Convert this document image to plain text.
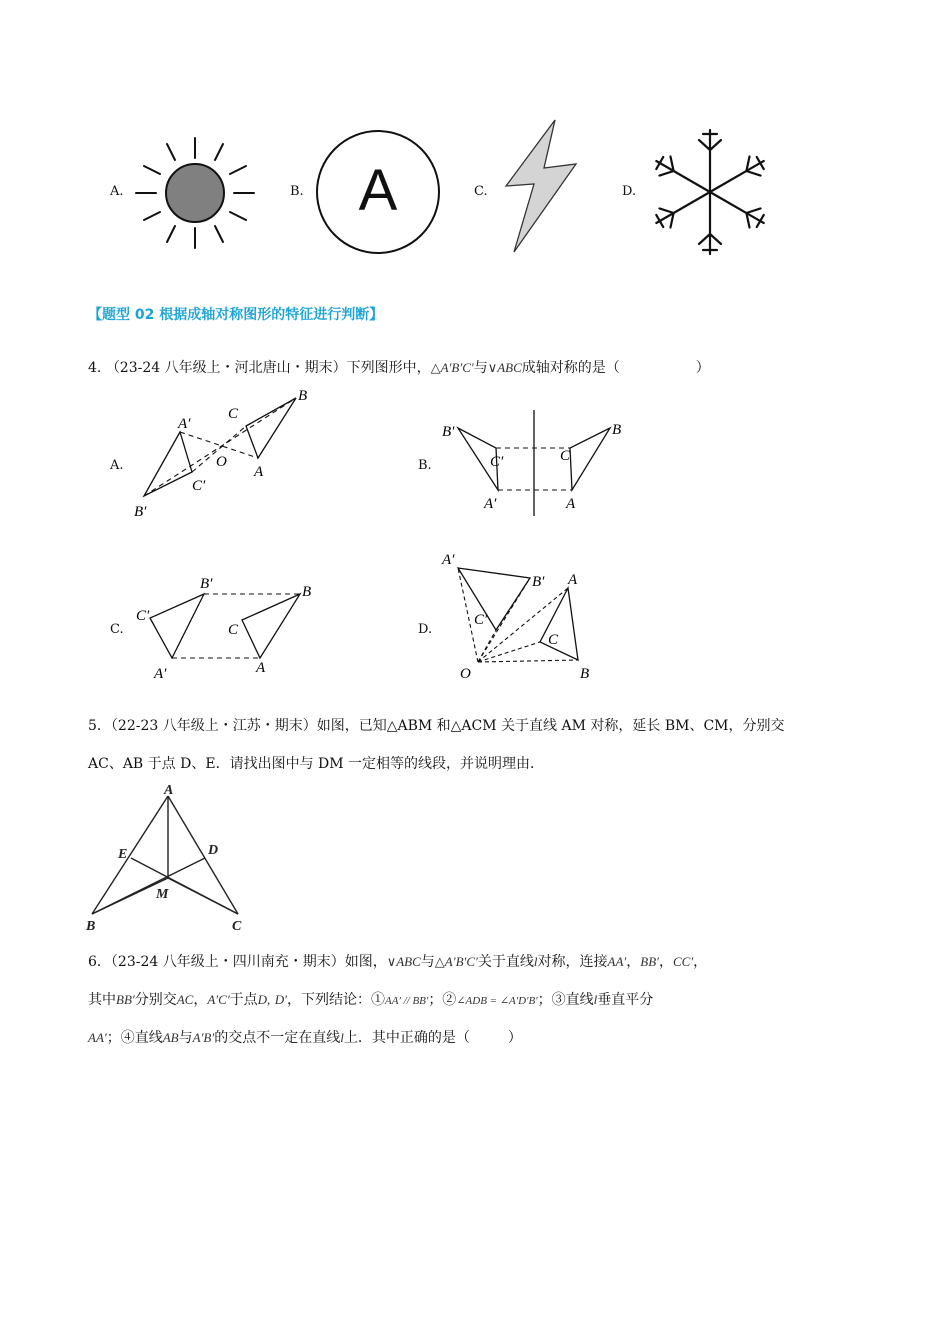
A.	B. A	C.	D.
【题型 02 根据成轴对称图形的特征进行判断】
4. （23-24 八年级上・河北唐山・期末）下列图形中，△A′B′C′与∨ABC成轴对称的是（	）
A.
A′
C
B
O
A
C′
B′
B.
B′	B
C′	C
A′	A
C.
B′	B
C′
C
A′	A
D.
A′
B′ A
C′
C
O	B
5．（22-23 八年级上・江苏・期末）如图，已知△ABM 和△ACM 关于直线 AM 对称，延长 BM、CM，分别交
AC、AB 于点 D、E．请找出图中与 DM 一定相等的线段，并说明理由．
A
E	D
M
B	C
6．（23-24 八年级上・四川南充・期末）如图，∨ABC与△A′B′C′关于直线l对称，连接AA′，BB′，CC′，
其中BB′分别交AC，A′C′于点D, D′，下列结论：①AA′ // BB′；②∠ADB = ∠A′D′B′；③直线l垂直平分
AA′；④直线AB与A′B′的交点不一定在直线l上．其中正确的是（	）
